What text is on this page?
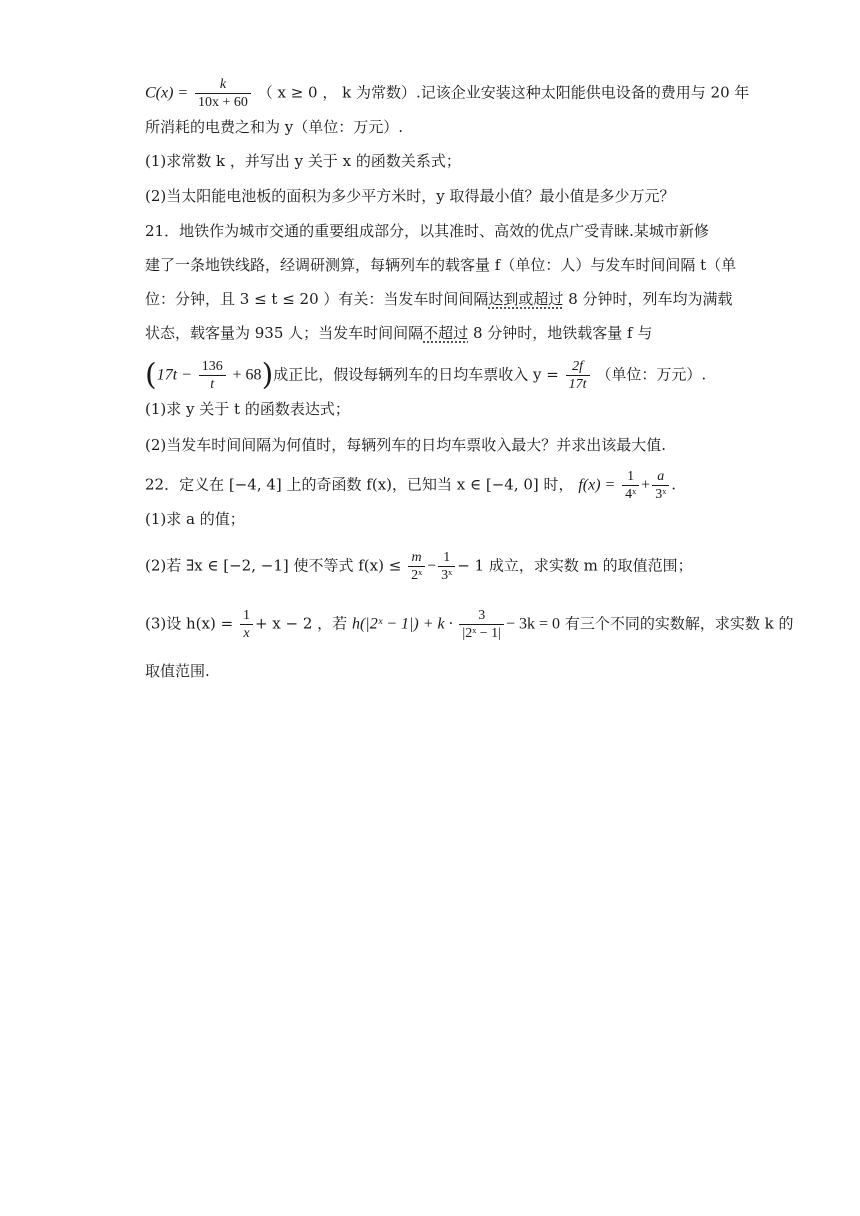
$C(x) = \frac{k}{10x + 60}$ （ x ≥ 0 ， k 为常数）.记该企业安装这种太阳能供电设备的费用与 20 年
所消耗的电费之和为 y（单位：万元）.
(1)求常数 k ，并写出 y 关于 x 的函数关系式；
(2)当太阳能电池板的面积为多少平方米时，y 取得最小值？最小值是多少万元？
21．地铁作为城市交通的重要组成部分，以其准时、高效的优点广受青睐.某城市新修
建了一条地铁线路，经调研测算，每辆列车的载客量 f（单位：人）与发车时间间隔 t（单
位：分钟，且 3 ≤ t ≤ 20 ）有关：当发车时间间隔达到或超过 8 分钟时，列车均为满载
状态，载客量为 935 人；当发车时间间隔不超过 8 分钟时，地铁载客量 f 与
$(17t - \frac{136}{t} + 68)$成正比，假设每辆列车的日均车票收入 $y = \frac{2f}{17t}$ （单位：万元）.
(1)求 y 关于 t 的函数表达式；
(2)当发车时间间隔为何值时，每辆列车的日均车票收入最大？并求出该最大值.
22．定义在 [−4, 4] 上的奇函数 f(x)，已知当 x ∈ [−4, 0] 时， $f(x) = \frac{1}{\text{4ˣ}} + \frac{a}{\text{3ˣ}}$ .
(1)求 a 的值；
(2)若 ∃x ∈ [−2, −1] 使不等式 $f(x) \le \frac{m}{\text{2ˣ}} - \frac{1}{\text{3ˣ}} - 1$ 成立，求实数 m 的取值范围；
(3)设 $h(x) = \frac{1}{x} + x - 2$ ，若 h(|2ˣ − $1|) + k \cdot \frac{3}{\text{|2ˣ − 1|}} - 3k = 0$ 有三个不同的实数解，求实数 k 的
取值范围.
